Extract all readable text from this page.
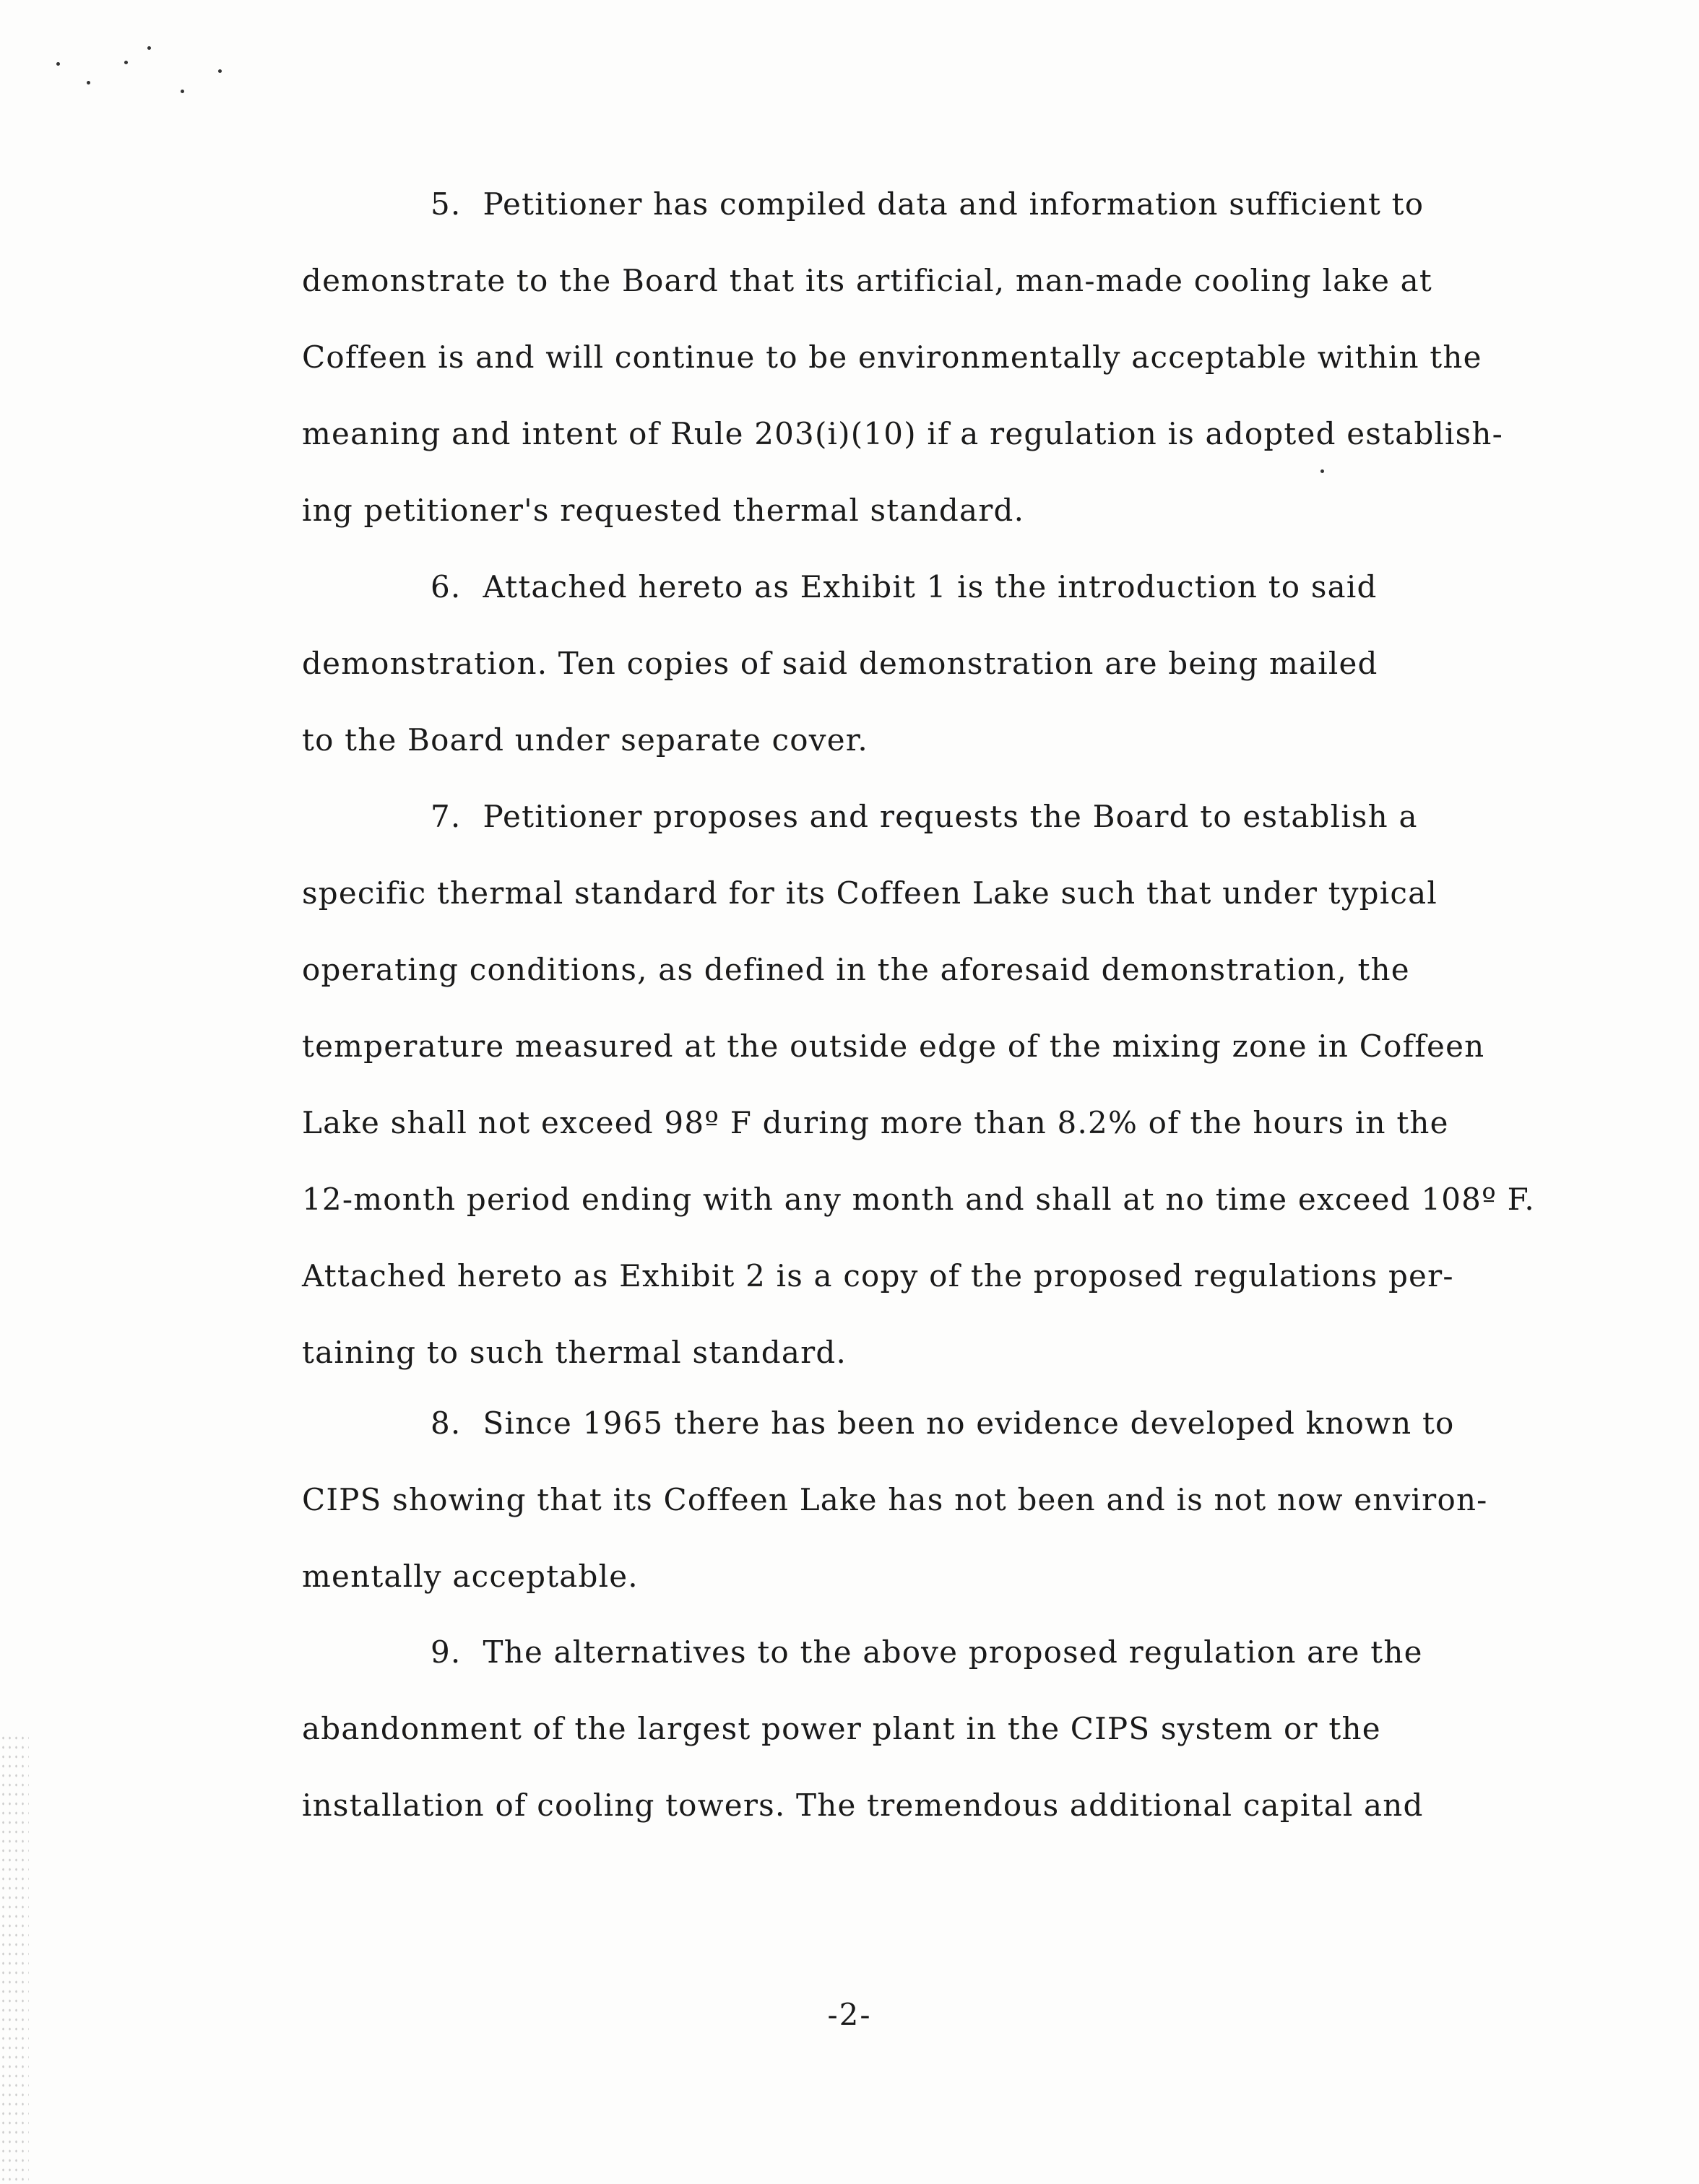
5. Petitioner has compiled data and information sufficient to
demonstrate to the Board that its artificial, man-made cooling lake at
Coffeen is and will continue to be environmentally acceptable within the
meaning and intent of Rule 203(i)(10) if a regulation is adopted establish-
ing petitioner's requested thermal standard.
6. Attached hereto as Exhibit 1 is the introduction to said
demonstration. Ten copies of said demonstration are being mailed
to the Board under separate cover.
7. Petitioner proposes and requests the Board to establish a
specific thermal standard for its Coffeen Lake such that under typical
operating conditions, as defined in the aforesaid demonstration, the
temperature measured at the outside edge of the mixing zone in Coffeen
Lake shall not exceed 98º F during more than 8.2% of the hours in the
12-month period ending with any month and shall at no time exceed 108º F.
Attached hereto as Exhibit 2 is a copy of the proposed regulations per-
taining to such thermal standard.
8. Since 1965 there has been no evidence developed known to
CIPS showing that its Coffeen Lake has not been and is not now environ-
mentally acceptable.
9. The alternatives to the above proposed regulation are the
abandonment of the largest power plant in the CIPS system or the
installation of cooling towers. The tremendous additional capital and
-2-
